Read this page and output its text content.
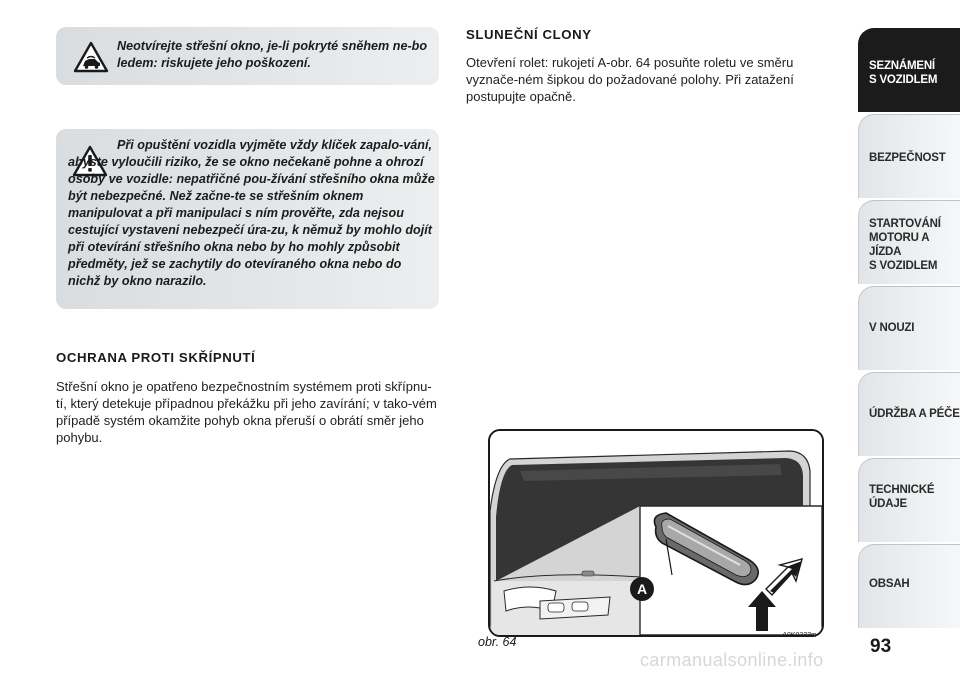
Neotvírejte střešní okno, je-li pokryté sněhem ne-bo ledem: riskujete jeho poškození.
Při opuštění vozidla vyjměte vždy klíček zapalo-vání, abyste vyloučili riziko, že se okno nečekaně pohne a ohrozí osoby ve vozidle: nepatřičné pou-žívání střešního okna může být nebezpečné. Než začne-te se střešním oknem manipulovat a při manipulaci s ním prověřte, zda nejsou cestující vystaveni nebezpečí úra-zu, k němuž by mohlo dojít při otevírání střešního okna nebo by ho mohly způsobit předměty, jež se zachytily do otevíraného okna nebo do nichž by okno narazilo.
OCHRANA PROTI SKŘÍPNUTÍ
Střešní okno je opatřeno bezpečnostním systémem proti skřípnu-tí, který detekuje případnou překážku při jeho zavírání; v tako-vém případě systém okamžite pohyb okna přeruší o obrátí směr jeho pohybu.
SLUNEČNÍ CLONY
Otevření rolet: rukojetí A-obr. 64 posuňte roletu ve směru vyznače-ném šipkou do požadované polohy. Při zatažení postupujte opačně.
A
obr. 64	A0K0233m
SEZNÁMENÍ
S VOZIDLEM
BEZPEČNOST
STARTOVÁNÍ
MOTORU A JÍZDA
S VOZIDLEM
V NOUZI
ÚDRŽBA A PÉČE
TECHNICKÉ
ÚDAJE
OBSAH
93
carmanualsonline.info
